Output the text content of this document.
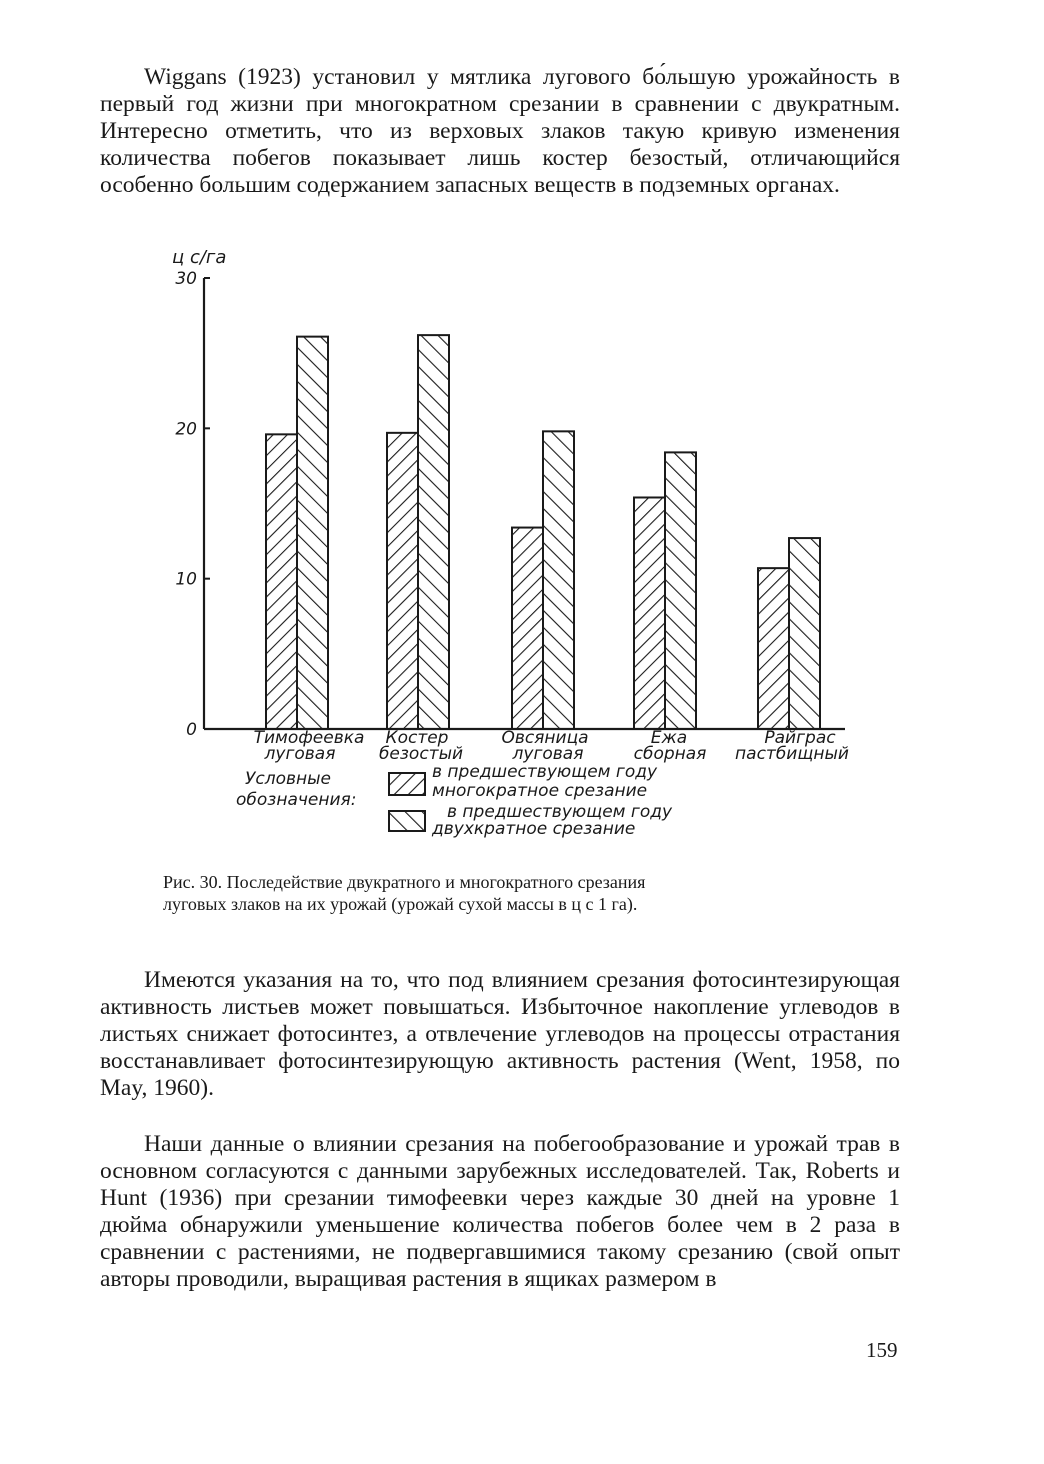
Wiggans (1923) установил у мятлика лугового бо́льшую урожайность в первый год жизни при многократном срезании в сравнении с двукратным. Интересно отметить, что из верховых злаков такую кривую изменения количества побегов показывает лишь костер безостый, отличающийся особенно большим содержанием запасных веществ в подземных органах.

ц с/га
0
10
20
30
Тимофеевка
луговая
Костер
безостый
Овсяница
луговая
Ежа
сборная
Райграс
пастбищный
Условные
обозначения:
в предшествующем году
многократное срезание
в предшествующем году
двухкратное срезание

Рис. 30. Последействие двукратного и многократного срезания
луговых злаков на их урожай (урожай сухой массы в ц с 1 га).

Имеются указания на то, что под влиянием срезания фотосинтезирующая активность листьев может повышаться. Избыточное накопление углеводов в листьях снижает фотосинтез, а отвлечение углеводов на процессы отрастания восстанавливает фотосинтезирующую активность растения (Went, 1958, по May, 1960).

Наши данные о влиянии срезания на побегообразование и урожай трав в основном согласуются с данными зарубежных исследователей. Так, Roberts и Hunt (1936) при срезании тимофеевки через каждые 30 дней на уровне 1 дюйма обнаружили уменьшение количества побегов более чем в 2 раза в сравнении с растениями, не подвергавшимися такому срезанию (свой опыт авторы проводили, выращивая растения в ящиках размером в

159
